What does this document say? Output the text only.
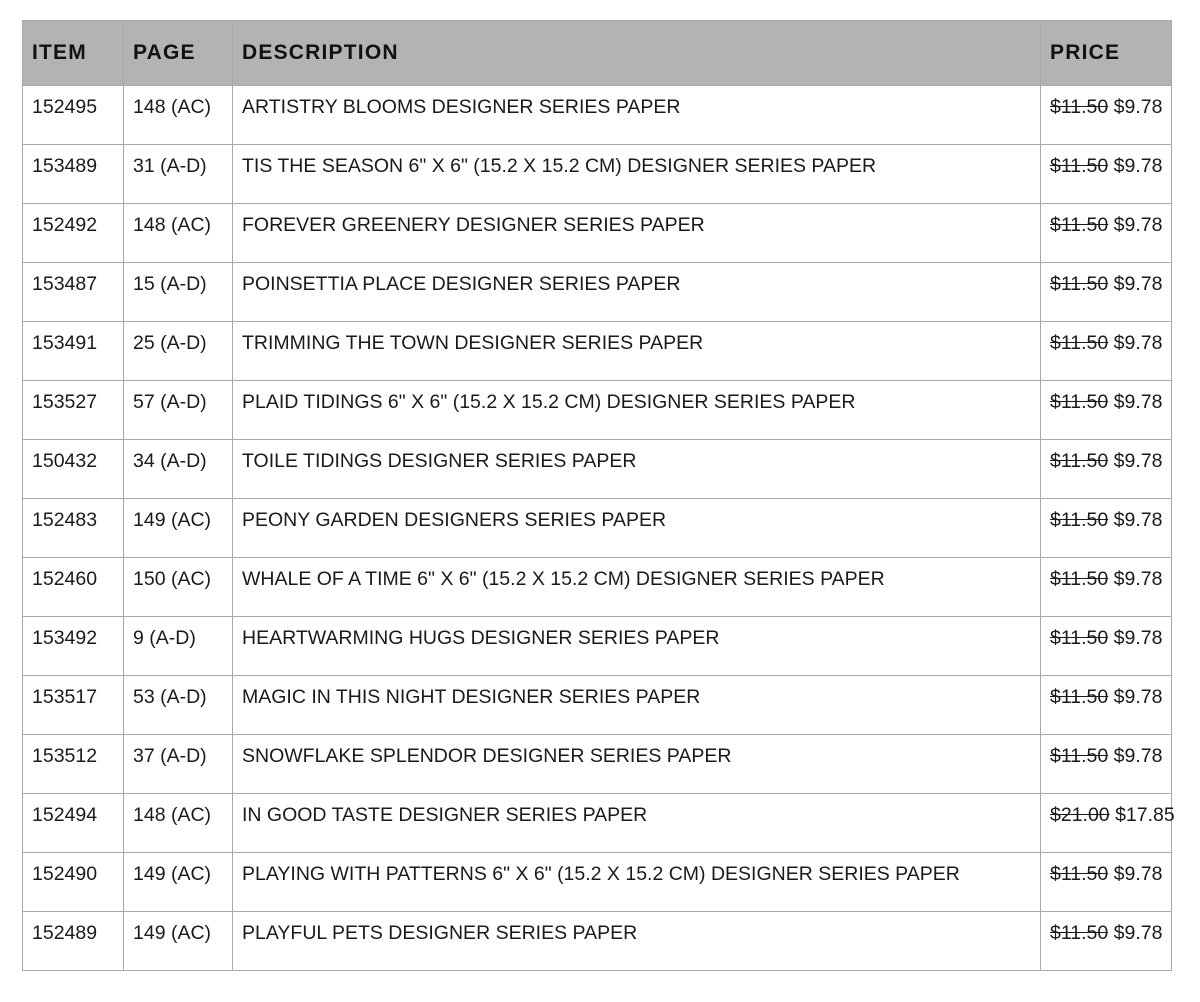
ITEM	PAGE	DESCRIPTION	PRICE
152495	148 (AC)	ARTISTRY BLOOMS DESIGNER SERIES PAPER	$11.50 $9.78
153489	31 (A-D)	TIS THE SEASON 6" X 6" (15.2 X 15.2 CM) DESIGNER SERIES PAPER	$11.50 $9.78
152492	148 (AC)	FOREVER GREENERY DESIGNER SERIES PAPER	$11.50 $9.78
153487	15 (A-D)	POINSETTIA PLACE DESIGNER SERIES PAPER	$11.50 $9.78
153491	25 (A-D)	TRIMMING THE TOWN DESIGNER SERIES PAPER	$11.50 $9.78
153527	57 (A-D)	PLAID TIDINGS 6" X 6" (15.2 X 15.2 CM) DESIGNER SERIES PAPER	$11.50 $9.78
150432	34 (A-D)	TOILE TIDINGS DESIGNER SERIES PAPER	$11.50 $9.78
152483	149 (AC)	PEONY GARDEN DESIGNERS SERIES PAPER	$11.50 $9.78
152460	150 (AC)	WHALE OF A TIME 6" X 6" (15.2 X 15.2 CM) DESIGNER SERIES PAPER	$11.50 $9.78
153492	9 (A-D)	HEARTWARMING HUGS DESIGNER SERIES PAPER	$11.50 $9.78
153517	53 (A-D)	MAGIC IN THIS NIGHT DESIGNER SERIES PAPER	$11.50 $9.78
153512	37 (A-D)	SNOWFLAKE SPLENDOR DESIGNER SERIES PAPER	$11.50 $9.78
152494	148 (AC)	IN GOOD TASTE DESIGNER SERIES PAPER	$21.00 $17.85
152490	149 (AC)	PLAYING WITH PATTERNS 6" X 6" (15.2 X 15.2 CM) DESIGNER SERIES PAPER	$11.50 $9.78
152489	149 (AC)	PLAYFUL PETS DESIGNER SERIES PAPER	$11.50 $9.78
